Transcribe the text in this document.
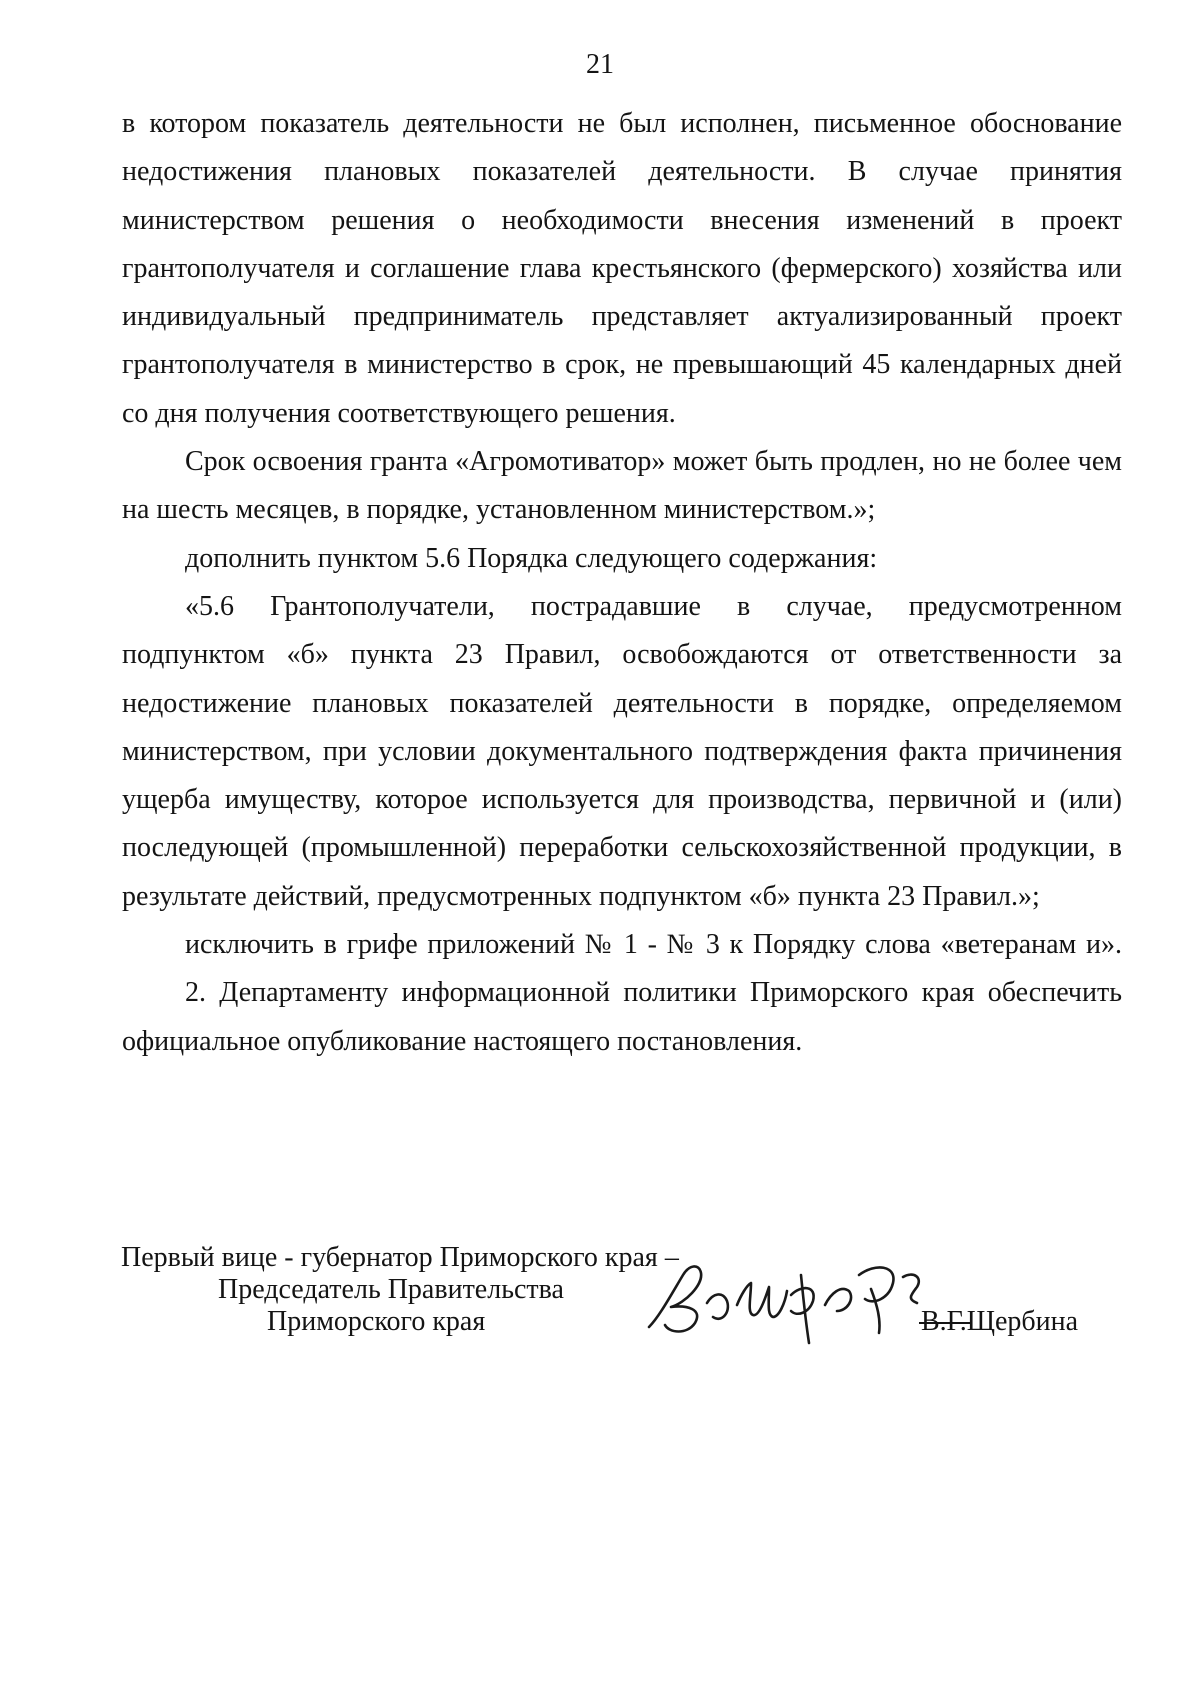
21

в котором показатель деятельности не был исполнен, письменное обоснование недостижения плановых показателей деятельности. В случае принятия министерством решения о необходимости внесения изменений в проект грантополучателя и соглашение глава крестьянского (фермерского) хозяйства или индивидуальный предприниматель представляет актуализированный проект грантополучателя в министерство в срок, не превышающий 45 календарных дней со дня получения соответствующего решения.

Срок освоения гранта «Агромотиватор» может быть продлен, но не более чем на шесть месяцев, в порядке, установленном министерством.»;

дополнить пунктом 5.6 Порядка следующего содержания:

«5.6 Грантополучатели, пострадавшие в случае, предусмотренном подпунктом «б» пункта 23 Правил, освобождаются от ответственности за недостижение плановых показателей деятельности в порядке, определяемом министерством, при условии документального подтверждения факта причинения ущерба имуществу, которое используется для производства, первичной и (или) последующей (промышленной) переработки сельскохозяйственной продукции, в результате действий, предусмотренных подпунктом «б» пункта 23 Правил.»;

исключить в грифе приложений № 1 - № 3 к Порядку слова «ветеранам и».

2. Департаменту информационной политики Приморского края обеспечить официальное опубликование настоящего постановления.

Первый вице - губернатор Приморского края –
Председатель Правительства
Приморского края	В.Г.Щербина
